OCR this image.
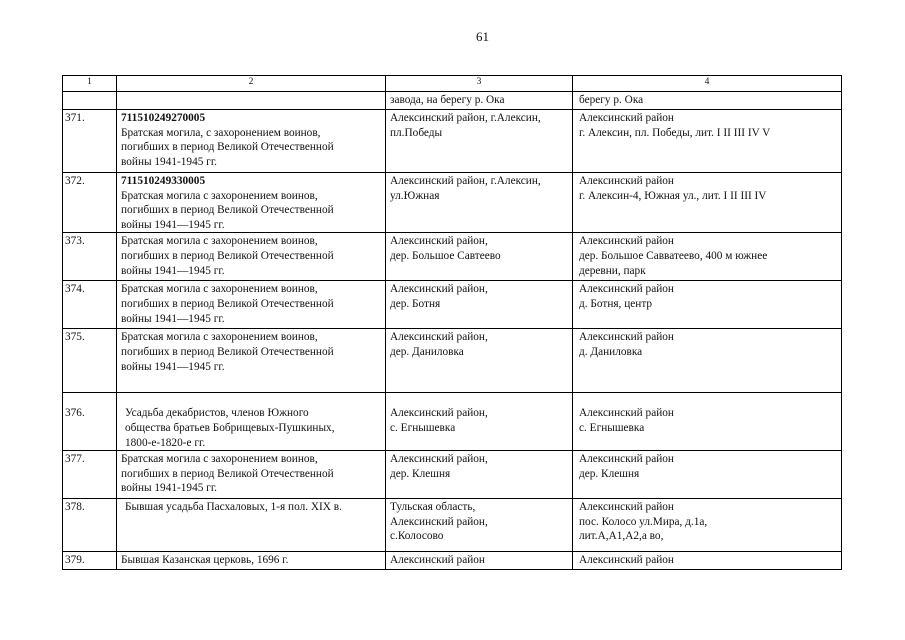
61
1	2	3	4

		завода, на берегу р. Ока	берегу р. Ока

371.	711510249270005
Братская могила, с захоронением воинов,
погибших в период Великой Отечественной
войны 1941-1945 гг.	Алексинский район, г.Алексин,
пл.Победы	Алексинский район
г. Алексин, пл. Победы, лит. I II III IV V

372.	711510249330005
Братская могила с захоронением воинов,
погибших в период Великой Отечественной
войны 1941—1945 гг.	Алексинский район, г.Алексин,
ул.Южная	Алексинский район
г. Алексин-4, Южная ул., лит. I II III IV

373.	Братская могила с захоронением воинов,
погибших в период Великой Отечественной
войны 1941—1945 гг.	Алексинский район,
дер. Большое Савтеево	Алексинский район
дер. Большое Савватеево, 400 м южнее
деревни, парк

374.	Братская могила с захоронением воинов,
погибших в период Великой Отечественной
войны 1941—1945 гг.	Алексинский район,
дер. Ботня	Алексинский район
д. Ботня, центр

375.	Братская могила с захоронением воинов,
погибших в период Великой Отечественной
войны 1941—1945 гг.	Алексинский район,
дер. Даниловка	Алексинский район
д. Даниловка

376.	Усадьба декабристов, членов Южного
общества братьев Бобрищевых-Пушкиных,
1800-е-1820-е гг.	Алексинский район,
с. Егнышевка	Алексинский район
с. Егнышевка

377.	Братская могила с захоронением воинов,
погибших в период Великой Отечественной
войны 1941-1945 гг.	Алексинский район,
дер. Клешня	Алексинский район
дер. Клешня

378.	Бывшая усадьба Пасхаловых, 1-я пол. XIX в.	Тульская область,
Алексинский район,
с.Колосово	Алексинский район
пос. Колосо ул.Мира, д.1а,
лит.А,А1,А2,а во,

379.	Бывшая Казанская церковь, 1696 г.	Алексинский район	Алексинский район
